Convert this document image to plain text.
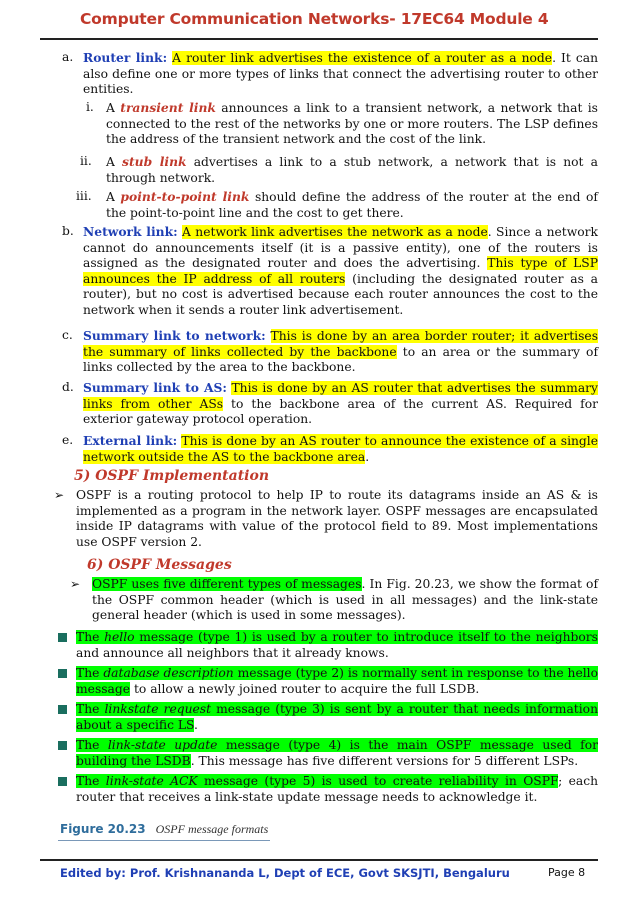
Computer Communication Networks- 17EC64 Module 4
a. Router link: A router link advertises the existence of a router as a node. It can also define one or more types of links that connect the advertising router to other entities.
i. A transient link announces a link to a transient network, a network that is connected to the rest of the networks by one or more routers. The LSP defines the address of the transient network and the cost of the link.
ii. A stub link advertises a link to a stub network, a network that is not a through network.
iii. A point-to-point link should define the address of the router at the end of the point-to-point line and the cost to get there.
b. Network link: A network link advertises the network as a node. Since a network cannot do announcements itself (it is a passive entity), one of the routers is assigned as the designated router and does the advertising. This type of LSP announces the IP address of all routers (including the designated router as a router), but no cost is advertised because each router announces the cost to the network when it sends a router link advertisement.
c. Summary link to network: This is done by an area border router; it advertises the summary of links collected by the backbone to an area or the summary of links collected by the area to the backbone.
d. Summary link to AS: This is done by an AS router that advertises the summary links from other ASs to the backbone area of the current AS. Required for exterior gateway protocol operation.
e. External link: This is done by an AS router to announce the existence of a single network outside the AS to the backbone area.
5) OSPF Implementation
➢ OSPF is a routing protocol to help IP to route its datagrams inside an AS & is implemented as a program in the network layer. OSPF messages are encapsulated inside IP datagrams with value of the protocol field to 89. Most implementations use OSPF version 2.
6) OSPF Messages
➢ OSPF uses five different types of messages. In Fig. 20.23, we show the format of the OSPF common header (which is used in all messages) and the link-state general header (which is used in some messages).
The hello message (type 1) is used by a router to introduce itself to the neighbors and announce all neighbors that it already knows.
The database description message (type 2) is normally sent in response to the hello message to allow a newly joined router to acquire the full LSDB.
The linkstate request message (type 3) is sent by a router that needs information about a specific LS.
The link-state update message (type 4) is the main OSPF message used for building the LSDB. This message has five different versions for 5 different LSPs.
The link-state ACK message (type 5) is used to create reliability in OSPF; each router that receives a link-state update message needs to acknowledge it.
Figure 20.23 OSPF message formats
Edited by: Prof. Krishnananda L, Dept of ECE, Govt SKSJTI, Bengaluru	Page 8
